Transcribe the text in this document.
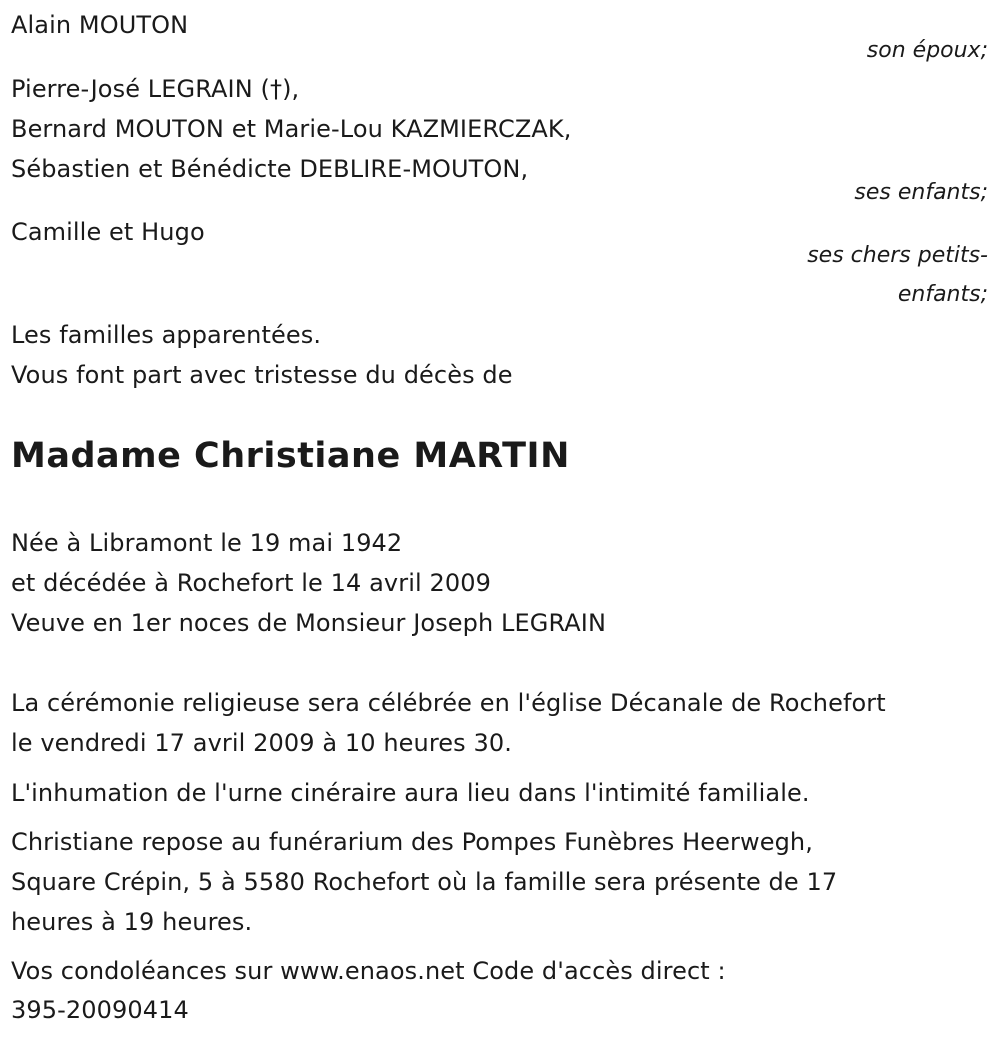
Alain MOUTON
son époux;
Pierre-José LEGRAIN (†),
Bernard MOUTON et Marie-Lou KAZMIERCZAK,
Sébastien et Bénédicte DEBLIRE-MOUTON,
ses enfants;
Camille et Hugo
ses chers petits-
enfants;
Les familles apparentées.
Vous font part avec tristesse du décès de
Madame Christiane MARTIN
Née à Libramont le 19 mai 1942
et décédée à Rochefort le 14 avril 2009
Veuve en 1er noces de Monsieur Joseph LEGRAIN
La cérémonie religieuse sera célébrée en l'église Décanale de Rochefort
le vendredi 17 avril 2009 à 10 heures 30.
L'inhumation de l'urne cinéraire aura lieu dans l'intimité familiale.
Christiane repose au funérarium des Pompes Funèbres Heerwegh,
Square Crépin, 5 à 5580 Rochefort où la famille sera présente de 17
heures à 19 heures.
Vos condoléances sur www.enaos.net Code d'accès direct :
395-20090414
